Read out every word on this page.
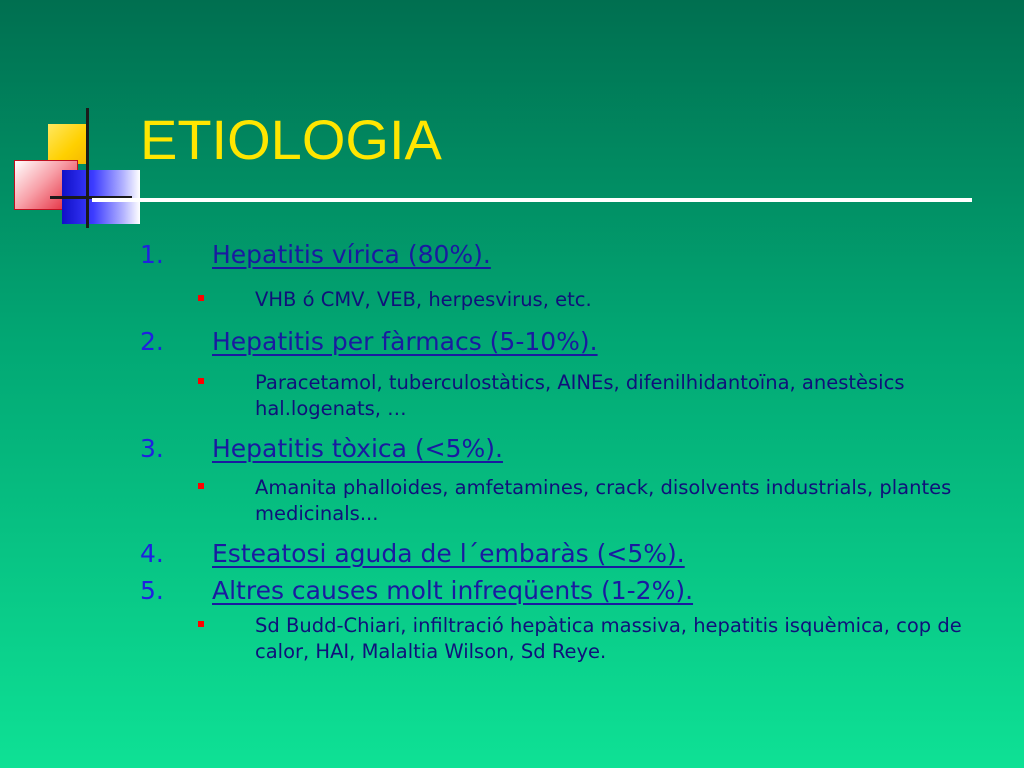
ETIOLOGIA
1. Hepatitis vírica (80%).
VHB ó CMV, VEB, herpesvirus, etc.
2. Hepatitis per fàrmacs (5-10%).
Paracetamol, tuberculostàtics, AINEs, difenilhidantoïna, anestèsics hal.logenats, …
3. Hepatitis tòxica (<5%).
Amanita phalloides, amfetamines, crack, disolvents industrials, plantes medicinals...
4. Esteatosi aguda de l´embaràs (<5%).
5. Altres causes molt infreqüents (1-2%).
Sd Budd-Chiari, infiltració hepàtica massiva, hepatitis isquèmica, cop de calor, HAI, Malaltia Wilson, Sd Reye.
